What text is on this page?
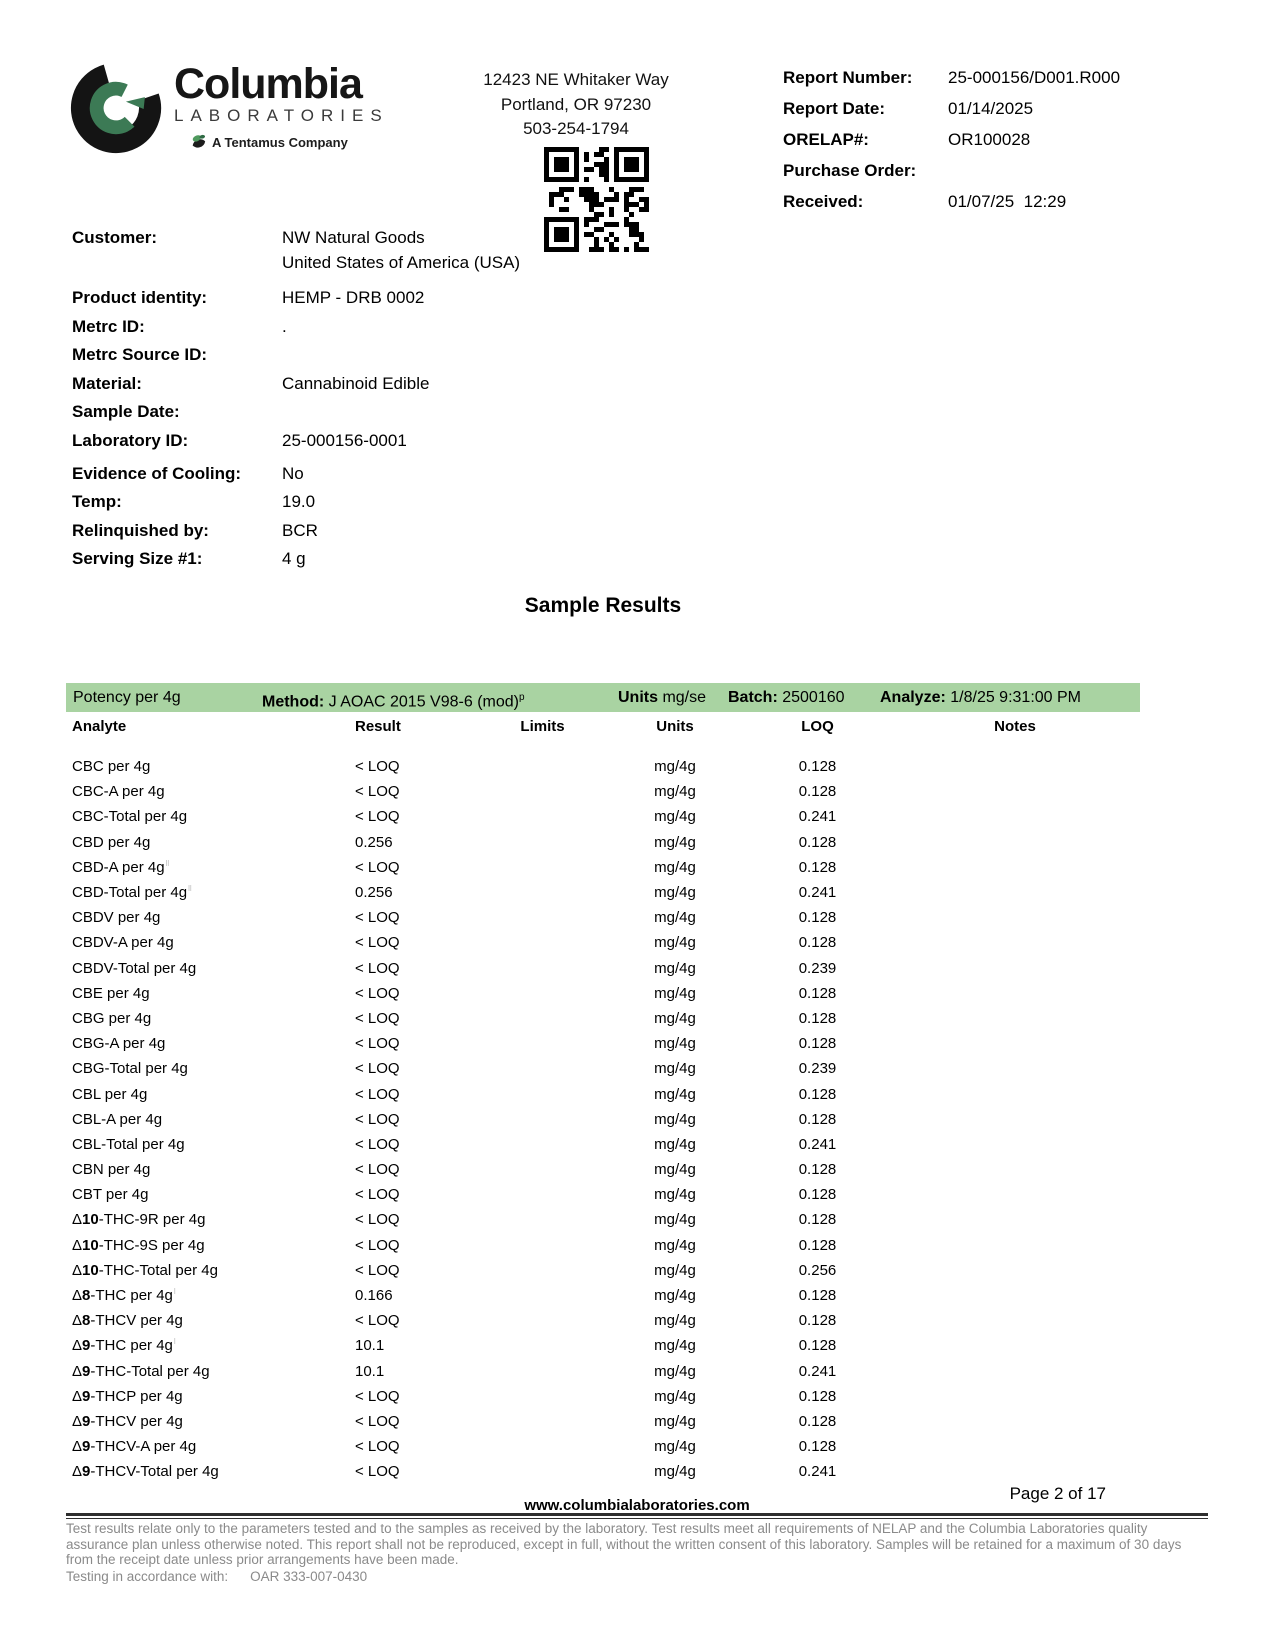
Columbia
LABORATORIES
A Tentamus Company
12423 NE Whitaker Way
Portland, OR 97230
503-254-1794
Report Number:	25-000156/D001.R000
Report Date:	01/14/2025
ORELAP#:	OR100028
Purchase Order:
Received:	01/07/25  12:29
Customer:	NW Natural Goods
United States of America (USA)
Product identity:	HEMP - DRB 0002
Metrc ID:	.
Metrc Source ID:
Material:	Cannabinoid Edible
Sample Date:
Laboratory ID:	25-000156-0001
Evidence of Cooling:	No
Temp:	19.0
Relinquished by:	BCR
Serving Size #1:	4 g
Sample Results
Potency per 4g	Method: J AOAC 2015 V98-6 (mod)$^p$	Units mg/se Batch: 2500160 Analyze: 1/8/25 9:31:00 PM
Analyte	Result	Limits	Units	LOQ	Notes
CBC per 4g	< LOQ		mg/4g	0.128	
CBC-A per 4g	< LOQ		mg/4g	0.128	
CBC-Total per 4g	< LOQ		mg/4g	0.241	
CBD per 4g	0.256		mg/4g	0.128	
CBD-A per $4g^{ll}$	< LOQ		mg/4g	0.128	
CBD-Total per $4g^{ll}$	0.256		mg/4g	0.241	
CBDV per 4g	< LOQ		mg/4g	0.128	
CBDV-A per 4g	< LOQ		mg/4g	0.128	
CBDV-Total per 4g	< LOQ		mg/4g	0.239	
CBE per 4g	< LOQ		mg/4g	0.128	
CBG per 4g	< LOQ		mg/4g	0.128	
CBG-A per 4g	< LOQ		mg/4g	0.128	
CBG-Total per 4g	< LOQ		mg/4g	0.239	
CBL per 4g	< LOQ		mg/4g	0.128	
CBL-A per 4g	< LOQ		mg/4g	0.128	
CBL-Total per 4g	< LOQ		mg/4g	0.241	
CBN per 4g	< LOQ		mg/4g	0.128	
CBT per 4g	< LOQ		mg/4g	0.128	
Δ10-THC-9R per 4g	< LOQ		mg/4g	0.128	
Δ10-THC-9S per 4g	< LOQ		mg/4g	0.128	
Δ10-THC-Total per 4g	< LOQ		mg/4g	0.256	
Δ8-THC per $4g^l$	0.166		mg/4g	0.128	
Δ8-THCV per 4g	< LOQ		mg/4g	0.128	
Δ9-THC per $4g^l$	10.1		mg/4g	0.128	
Δ9-THC-Total per 4g	10.1		mg/4g	0.241	
Δ9-THCP per 4g	< LOQ		mg/4g	0.128	
Δ9-THCV per 4g	< LOQ		mg/4g	0.128	
Δ9-THCV-A per 4g	< LOQ		mg/4g	0.128	
Δ9-THCV-Total per 4g	< LOQ		mg/4g	0.241	
Page 2 of 17
www.columbialaboratories.com
Test results relate only to the parameters tested and to the samples as received by the laboratory. Test results meet all requirements of NELAP and the Columbia Laboratories quality assurance plan unless otherwise noted. This report shall not be reproduced, except in full, without the written consent of this laboratory. Samples will be retained for a maximum of 30 days from the receipt date unless prior arrangements have been made.
Testing in accordance with: OAR 333-007-0430
